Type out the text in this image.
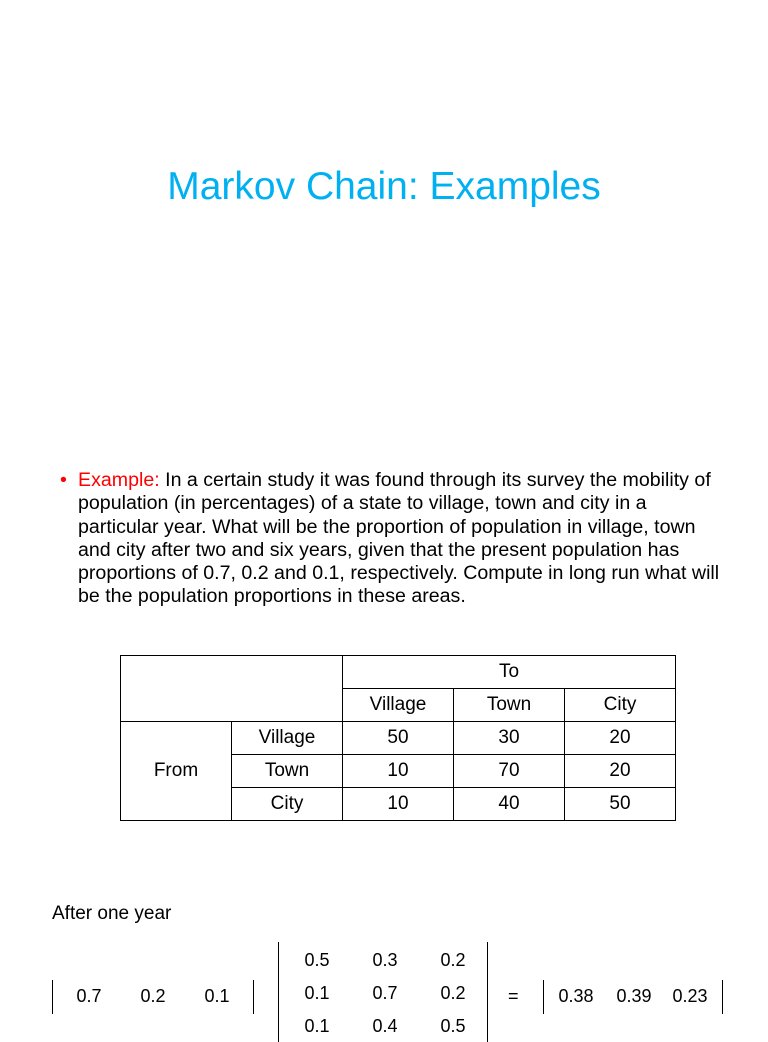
Markov Chain: Examples
• Example: In a certain study it was found through its survey the mobility of population (in percentages) of a state to village, town and city in a particular year. What will be the proportion of population in village, town and city after two and six years, given that the present population has proportions of 0.7, 0.2 and 0.1, respectively. Compute in long run what will be the population proportions in these areas.
		To		
		Village	Town	City
From	Village	50	30	20
	Town	10	70	20
	City	10	40	50
After one year
0.7	0.2	0.1
0.5	0.3	0.2
0.1	0.7	0.2
0.1	0.4	0.5
=	0.38	0.39	0.23
